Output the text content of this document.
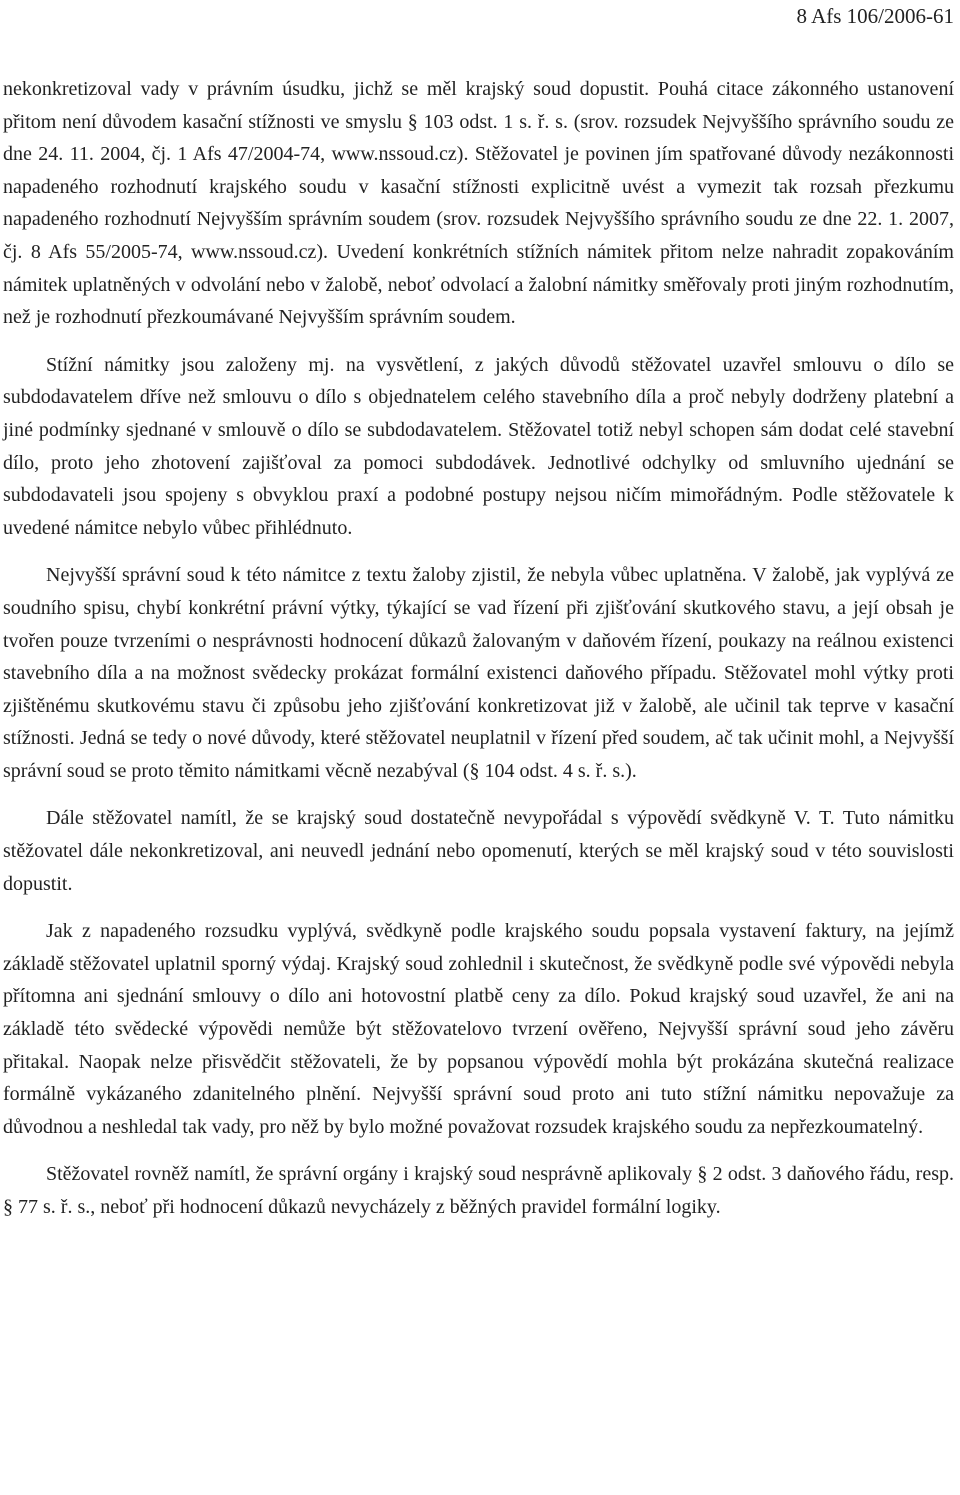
8 Afs 106/2006-61

nekonkretizoval vady v právním úsudku, jichž se měl krajský soud dopustit. Pouhá citace zákonného ustanovení přitom není důvodem kasační stížnosti ve smyslu § 103 odst. 1 s. ř. s. (srov. rozsudek Nejvyššího správního soudu ze dne 24. 11. 2004, čj. 1 Afs 47/2004-74, www.nssoud.cz). Stěžovatel je povinen jím spatřované důvody nezákonnosti napadeného rozhodnutí krajského soudu v kasační stížnosti explicitně uvést a vymezit tak rozsah přezkumu napadeného rozhodnutí Nejvyšším správním soudem (srov. rozsudek Nejvyššího správního soudu ze dne 22. 1. 2007, čj. 8 Afs 55/2005-74, www.nssoud.cz). Uvedení konkrétních stížních námitek přitom nelze nahradit zopakováním námitek uplatněných v odvolání nebo v žalobě, neboť odvolací a žalobní námitky směřovaly proti jiným rozhodnutím, než je rozhodnutí přezkoumávané Nejvyšším správním soudem.

Stížní námitky jsou založeny mj. na vysvětlení, z jakých důvodů stěžovatel uzavřel smlouvu o dílo se subdodavatelem dříve než smlouvu o dílo s objednatelem celého stavebního díla a proč nebyly dodrženy platební a jiné podmínky sjednané v smlouvě o dílo se subdodavatelem. Stěžovatel totiž nebyl schopen sám dodat celé stavební dílo, proto jeho zhotovení zajišťoval za pomoci subdodávek. Jednotlivé odchylky od smluvního ujednání se subdodavateli jsou spojeny s obvyklou praxí a podobné postupy nejsou ničím mimořádným. Podle stěžovatele k uvedené námitce nebylo vůbec přihlédnuto.

Nejvyšší správní soud k této námitce z textu žaloby zjistil, že nebyla vůbec uplatněna. V žalobě, jak vyplývá ze soudního spisu, chybí konkrétní právní výtky, týkající se vad řízení při zjišťování skutkového stavu, a její obsah je tvořen pouze tvrzeními o nesprávnosti hodnocení důkazů žalovaným v daňovém řízení, poukazy na reálnou existenci stavebního díla a na možnost svědecky prokázat formální existenci daňového případu. Stěžovatel mohl výtky proti zjištěnému skutkovému stavu či způsobu jeho zjišťování konkretizovat již v žalobě, ale učinil tak teprve v kasační stížnosti. Jedná se tedy o nové důvody, které stěžovatel neuplatnil v řízení před soudem, ač tak učinit mohl, a Nejvyšší správní soud se proto těmito námitkami věcně nezabýval (§ 104 odst. 4 s. ř. s.).

Dále stěžovatel namítl, že se krajský soud dostatečně nevypořádal s výpovědí svědkyně V. T. Tuto námitku stěžovatel dále nekonkretizoval, ani neuvedl jednání nebo opomenutí, kterých se měl krajský soud v této souvislosti dopustit.

Jak z napadeného rozsudku vyplývá, svědkyně podle krajského soudu popsala vystavení faktury, na jejímž základě stěžovatel uplatnil sporný výdaj. Krajský soud zohlednil i skutečnost, že svědkyně podle své výpovědi nebyla přítomna ani sjednání smlouvy o dílo ani hotovostní platbě ceny za dílo. Pokud krajský soud uzavřel, že ani na základě této svědecké výpovědi nemůže být stěžovatelovo tvrzení ověřeno, Nejvyšší správní soud jeho závěru přitakal. Naopak nelze přisvědčit stěžovateli, že by popsanou výpovědí mohla být prokázána skutečná realizace formálně vykázaného zdanitelného plnění. Nejvyšší správní soud proto ani tuto stížní námitku nepovažuje za důvodnou a neshledal tak vady, pro něž by bylo možné považovat rozsudek krajského soudu za nepřezkoumatelný.

Stěžovatel rovněž namítl, že správní orgány i krajský soud nesprávně aplikovaly § 2 odst. 3 daňového řádu, resp. § 77 s. ř. s., neboť při hodnocení důkazů nevycházely z běžných pravidel formální logiky.
